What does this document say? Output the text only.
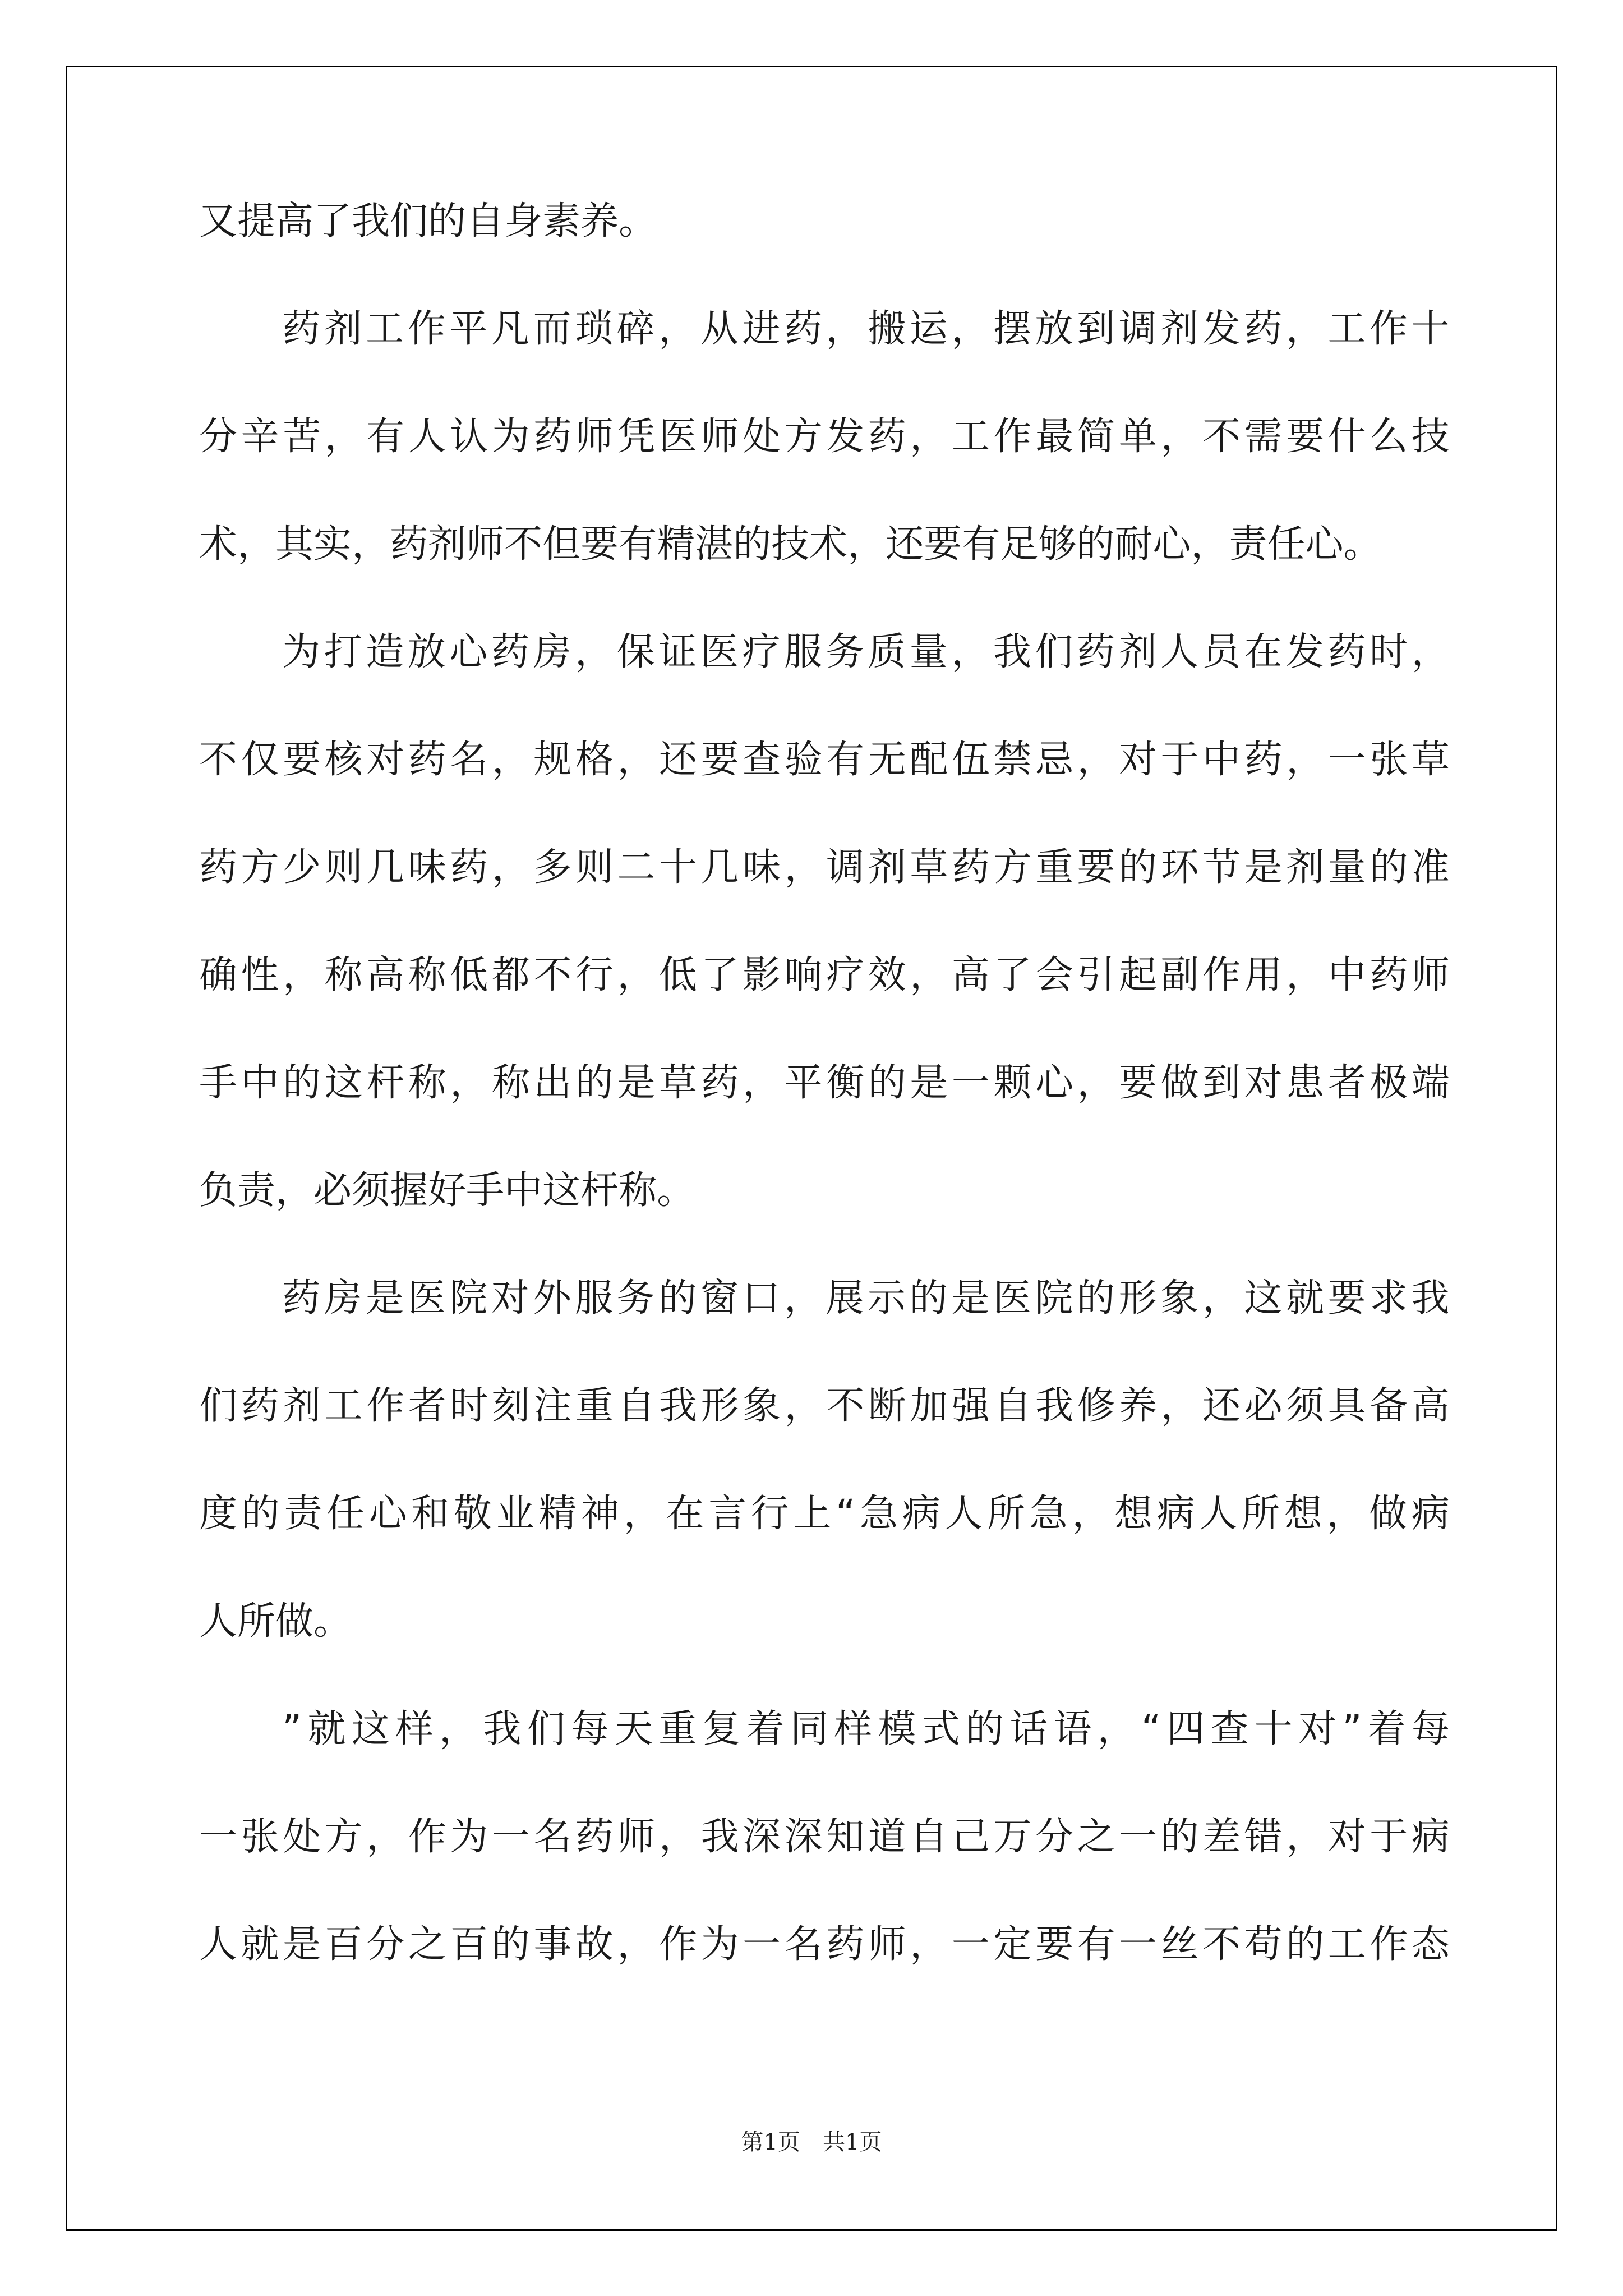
又 提 高 了 我 们 的 自 身 素 养 。
药 剂 工 作 平 凡 而 琐 碎 ， 从 进 药 ， 搬 运 ， 摆 放 到 调 剂 发 药 ， 工 作 十
分 辛 苦 ， 有 人 认 为 药 师 凭 医 师 处 方 发 药 ， 工 作 最 简 单 ， 不 需 要 什 么 技
术 ， 其 实 ， 药 剂 师 不 但 要 有 精 湛 的 技 术 ， 还 要 有 足 够 的 耐 心 ， 责 任 心 。
为 打 造 放 心 药 房 ， 保 证 医 疗 服 务 质 量 ， 我 们 药 剂 人 员 在 发 药 时 ，
不 仅 要 核 对 药 名 ， 规 格 ， 还 要 查 验 有 无 配 伍 禁 忌 ， 对 于 中 药 ， 一 张 草
药 方 少 则 几 味 药 ， 多 则 二 十 几 味 ， 调 剂 草 药 方 重 要 的 环 节 是 剂 量 的 准
确 性 ， 称 高 称 低 都 不 行 ， 低 了 影 响 疗 效 ， 高 了 会 引 起 副 作 用 ， 中 药 师
手 中 的 这 杆 称 ， 称 出 的 是 草 药 ， 平 衡 的 是 一 颗 心 ， 要 做 到 对 患 者 极 端
负 责 ， 必 须 握 好 手 中 这 杆 称 。
药 房 是 医 院 对 外 服 务 的 窗 口 ， 展 示 的 是 医 院 的 形 象 ， 这 就 要 求 我
们 药 剂 工 作 者 时 刻 注 重 自 我 形 象 ， 不 断 加 强 自 我 修 养 ， 还 必 须 具 备 高
度 的 责 任 心 和 敬 业 精 神 ， 在 言 行 上 “ 急 病 人 所 急 ， 想 病 人 所 想 ， 做 病
人 所 做 。
” 就 这 样 ， 我 们 每 天 重 复 着 同 样 模 式 的 话 语 ， “ 四 查 十 对 ” 着 每
一 张 处 方 ， 作 为 一 名 药 师 ， 我 深 深 知 道 自 己 万 分 之 一 的 差 错 ， 对 于 病
人 就 是 百 分 之 百 的 事 故 ， 作 为 一 名 药 师 ， 一 定 要 有 一 丝 不 苟 的 工 作 态
第1页　共1页
